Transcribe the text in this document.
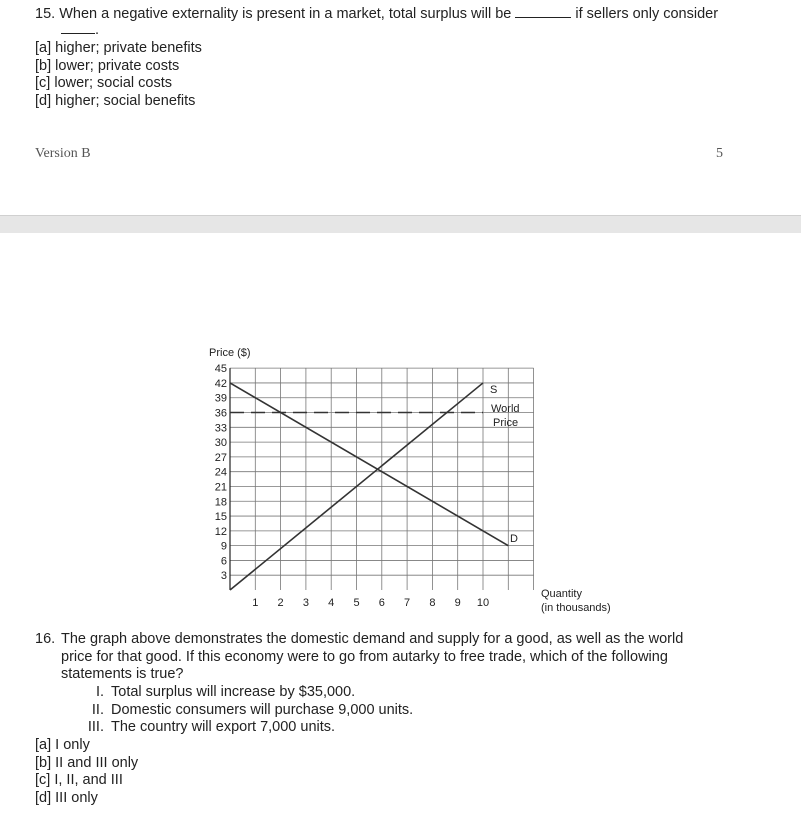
15. When a negative externality is present in a market, total surplus will be	if sellers only consider
.
[a] higher; private benefits
[b] lower; private costs
[c] lower; social costs
[d] higher; social benefits
Version B	5
3
6
9
12
15
18
21
24
27
30
33
36
39
42
45
1 2 3 4 5 6 7 8 9 10
Price ($)
Quantity
(in thousands)
S
D
World
Price
16. The graph above demonstrates the domestic demand and supply for a good, as well as the world
price for that good. If this economy were to go from autarky to free trade, which of the following
statements is true?
I. Total surplus will increase by $35,000.
II. Domestic consumers will purchase 9,000 units.
III. The country will export 7,000 units.
[a] I only
[b] II and III only
[c] I, II, and III
[d] III only
